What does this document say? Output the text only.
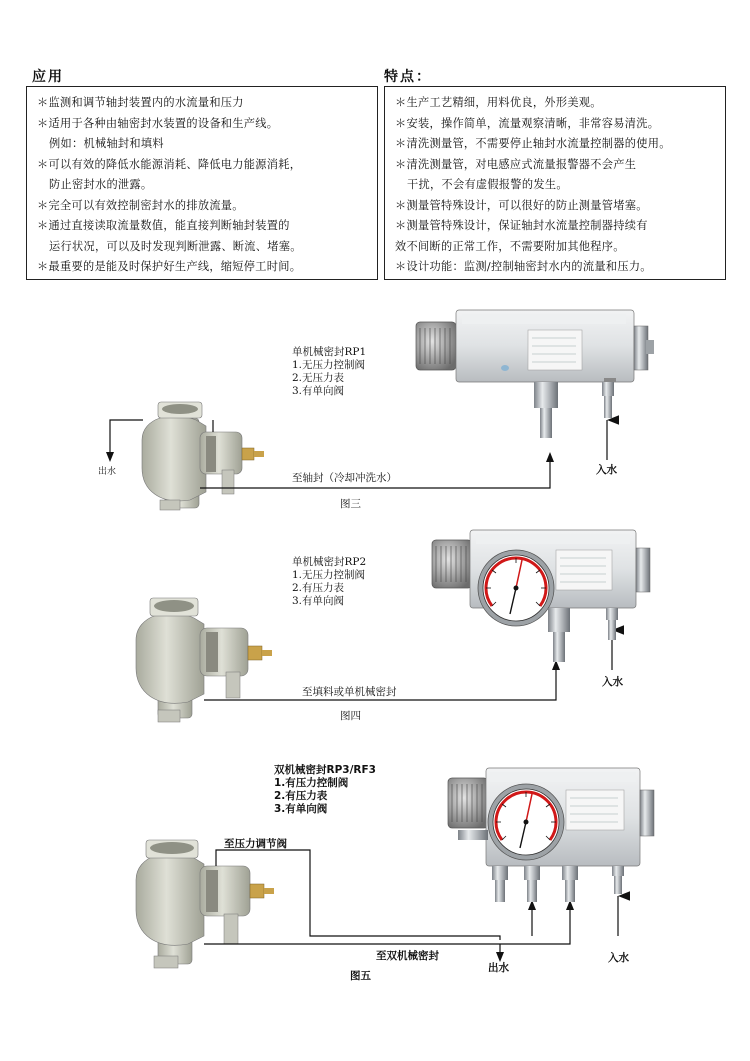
应用	特点：
＊监测和调节轴封装置内的水流量和压力
＊适用于各种由轴密封水装置的设备和生产线。
例如：机械轴封和填料
＊可以有效的降低水能源消耗、降低电力能源消耗，
防止密封水的泄露。
＊完全可以有效控制密封水的排放流量。
＊通过直接读取流量数值，能直接判断轴封装置的
运行状况，可以及时发现判断泄露、断流、堵塞。
＊最重要的是能及时保护好生产线，缩短停工时间。
＊生产工艺精细，用料优良，外形美观。
＊安装，操作简单，流量观察清晰，非常容易清洗。
＊清洗测量管，不需要停止轴封水流量控制器的使用。
＊清洗测量管，对电感应式流量报警器不会产生
干扰，不会有虚假报警的发生。
＊测量管特殊设计，可以很好的防止测量管堵塞。
＊测量管特殊设计，保证轴封水流量控制器持续有
效不间断的正常工作，不需要附加其他程序。
＊设计功能：监测/控制轴密封水内的流量和压力。
单机械密封RP1
1.无压力控制阀
2.无压力表
3.有单向阀
出水	至轴封（冷却冲洗水）
入水
图三
单机械密封RP2
1.无压力控制阀
2.有压力表
3.有单向阀
至填料或单机械密封
入水
图四
双机械密封RP3/RF3
1.有压力控制阀
2.有压力表
3.有单向阀
至压力调节阀
至双机械密封
出水
入水
图五
